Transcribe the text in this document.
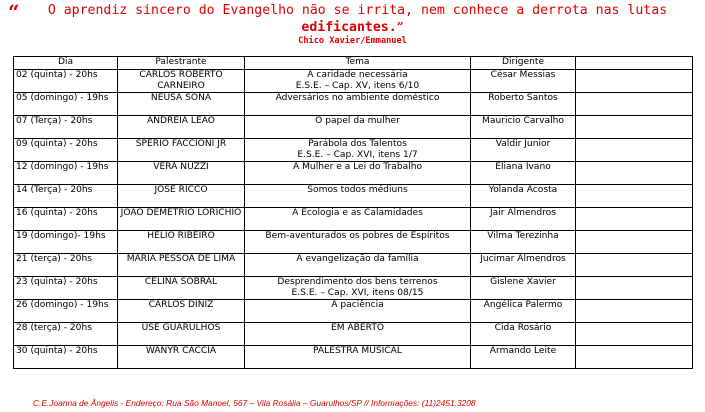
“	O aprendiz sincero do Evangelho não se irrita, nem conhece a derrota nas lutas
edificantes.”
Chico Xavier/Emmanuel
Dia	Palestrante	Tema	Dirigente	

02 (quinta) - 20hs	CARLOS ROBERTO CARNEIRO	A caridade necessária
E.S.E. – Cap. XV, itens 6/10	César Messias	

05 (domingo) - 19hs	NEUSA SONA	Adversários no ambiente doméstico	Roberto Santos	

07 (Terça) - 20hs	ANDRÉIA LEÃO	O papel da mulher	Mauricio Carvalho	

09 (quinta) - 20hs	SPÉRIO FACCIONI JR	Parábola dos Talentos
E.S.E. – Cap. XVI, itens 1/7	Valdir Junior	

12 (domingo) - 19hs	VERA NUZZI	A Mulher e a Lei do Trabalho	Eliana Ivano	

14 (Terça) - 20hs	JOSÉ RICCO	Somos todos médiuns	Yolanda Acosta	

16 (quinta) - 20hs	JOÃO DEMÉTRIO LORICHIO	A Ecologia e as Calamidades	Jair Almendros	

19 (domingo)- 19hs	HÉLIO RIBEIRO	Bem-aventurados os pobres de Espíritos	Vilma Terezinha	

21 (terça) - 20hs	MARIA PESSOA DE LIMA	A evangelização da família	Jucimar Almendros	

23 (quinta) - 20hs	CELINA SOBRAL	Desprendimento dos bens terrenos
E.S.E. – Cap. XVI, itens 08/15	Gislene Xavier	

26 (domingo) - 19hs	CARLOS DINIZ	A paciência	Angélica Palermo	

28 (terça) - 20hs	USE GUARULHOS	EM ABERTO	Cida Rosário	

30 (quinta) - 20hs	WANYR CACCIA	PALESTRA MUSICAL	Armando Leite	

C.E.Joanna de Ângelis - Endereço: Rua São Manoel, 567 – Vila Rosália – Guarulhos/SP // Informações: (11)2451.3208
